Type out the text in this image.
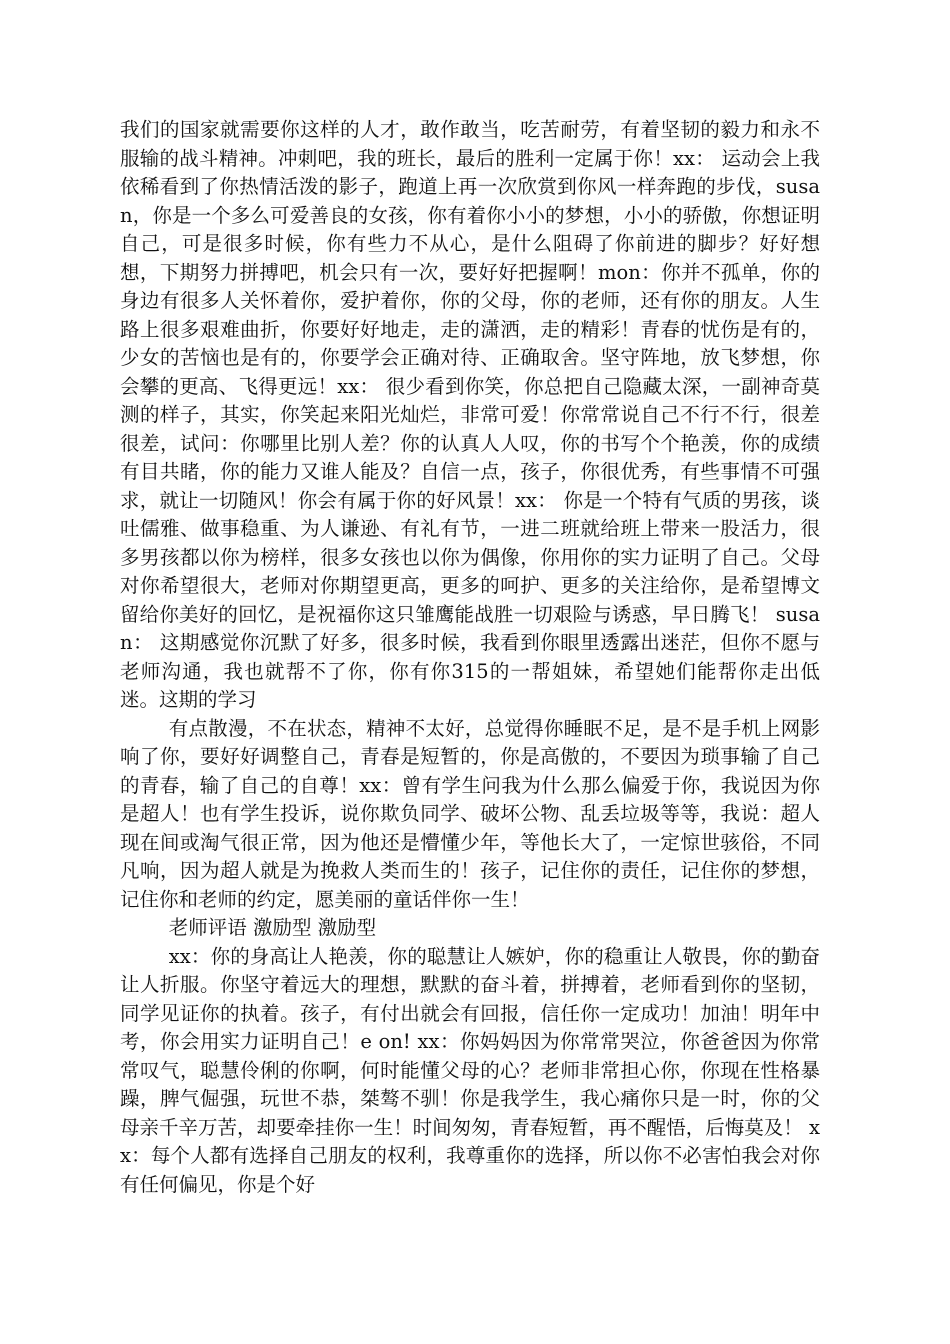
我们的国家就需要你这样的人才，敢作敢当，吃苦耐劳，有着坚韧的毅力和永不服输的战斗精神。冲刺吧，我的班长，最后的胜利一定属于你！xx： 运动会上我依稀看到了你热情活泼的影子，跑道上再一次欣赏到你风一样奔跑的步伐，susan，你是一个多么可爱善良的女孩，你有着你小小的梦想，小小的骄傲，你想证明自己，可是很多时候，你有些力不从心，是什么阻碍了你前进的脚步？好好想想，下期努力拼搏吧，机会只有一次，要好好把握啊！mon：你并不孤单，你的身边有很多人关怀着你，爱护着你，你的父母，你的老师，还有你的朋友。人生路上很多艰难曲折，你要好好地走，走的潇洒，走的精彩！青春的忧伤是有的，少女的苦恼也是有的，你要学会正确对待、正确取舍。坚守阵地，放飞梦想，你会攀的更高、飞得更远！xx： 很少看到你笑，你总把自己隐藏太深，一副神奇莫测的样子，其实，你笑起来阳光灿烂，非常可爱！你常常说自己不行不行，很差很差，试问：你哪里比别人差？你的认真人人叹，你的书写个个艳羡，你的成绩有目共睹，你的能力又谁人能及？自信一点，孩子，你很优秀，有些事情不可强求，就让一切随风！你会有属于你的好风景！xx： 你是一个特有气质的男孩，谈吐儒雅、做事稳重、为人谦逊、有礼有节，一进二班就给班上带来一股活力，很多男孩都以你为榜样，很多女孩也以你为偶像，你用你的实力证明了自己。父母对你希望很大，老师对你期望更高，更多的呵护、更多的关注给你，是希望博文留给你美好的回忆，是祝福你这只雏鹰能战胜一切艰险与诱惑，早日腾飞！ susan： 这期感觉你沉默了好多，很多时候，我看到你眼里透露出迷茫，但你不愿与老师沟通，我也就帮不了你，你有你315的一帮姐妹，希望她们能帮你走出低迷。这期的学习

有点散漫，不在状态，精神不太好，总觉得你睡眠不足，是不是手机上网影响了你，要好好调整自己，青春是短暂的，你是高傲的，不要因为琐事输了自己的青春，输了自己的自尊！xx：曾有学生问我为什么那么偏爱于你，我说因为你是超人！也有学生投诉，说你欺负同学、破坏公物、乱丢垃圾等等，我说：超人现在间或淘气很正常，因为他还是懵懂少年，等他长大了，一定惊世骇俗，不同凡响，因为超人就是为挽救人类而生的！孩子，记住你的责任，记住你的梦想，记住你和老师的约定，愿美丽的童话伴你一生！

老师评语 激励型 激励型

xx：你的身高让人艳羡，你的聪慧让人嫉妒，你的稳重让人敬畏，你的勤奋让人折服。你坚守着远大的理想，默默的奋斗着，拼搏着，老师看到你的坚韧，同学见证你的执着。孩子，有付出就会有回报，信任你一定成功！加油！明年中考，你会用实力证明自己！e on! xx：你妈妈因为你常常哭泣，你爸爸因为你常常叹气，聪慧伶俐的你啊，何时能懂父母的心？老师非常担心你，你现在性格暴躁，脾气倔强，玩世不恭，桀骜不驯！你是我学生，我心痛你只是一时，你的父母亲千辛万苦，却要牵挂你一生！时间匆匆，青春短暂，再不醒悟，后悔莫及！ xx：每个人都有选择自己朋友的权利，我尊重你的选择，所以你不必害怕我会对你有任何偏见，你是个好
